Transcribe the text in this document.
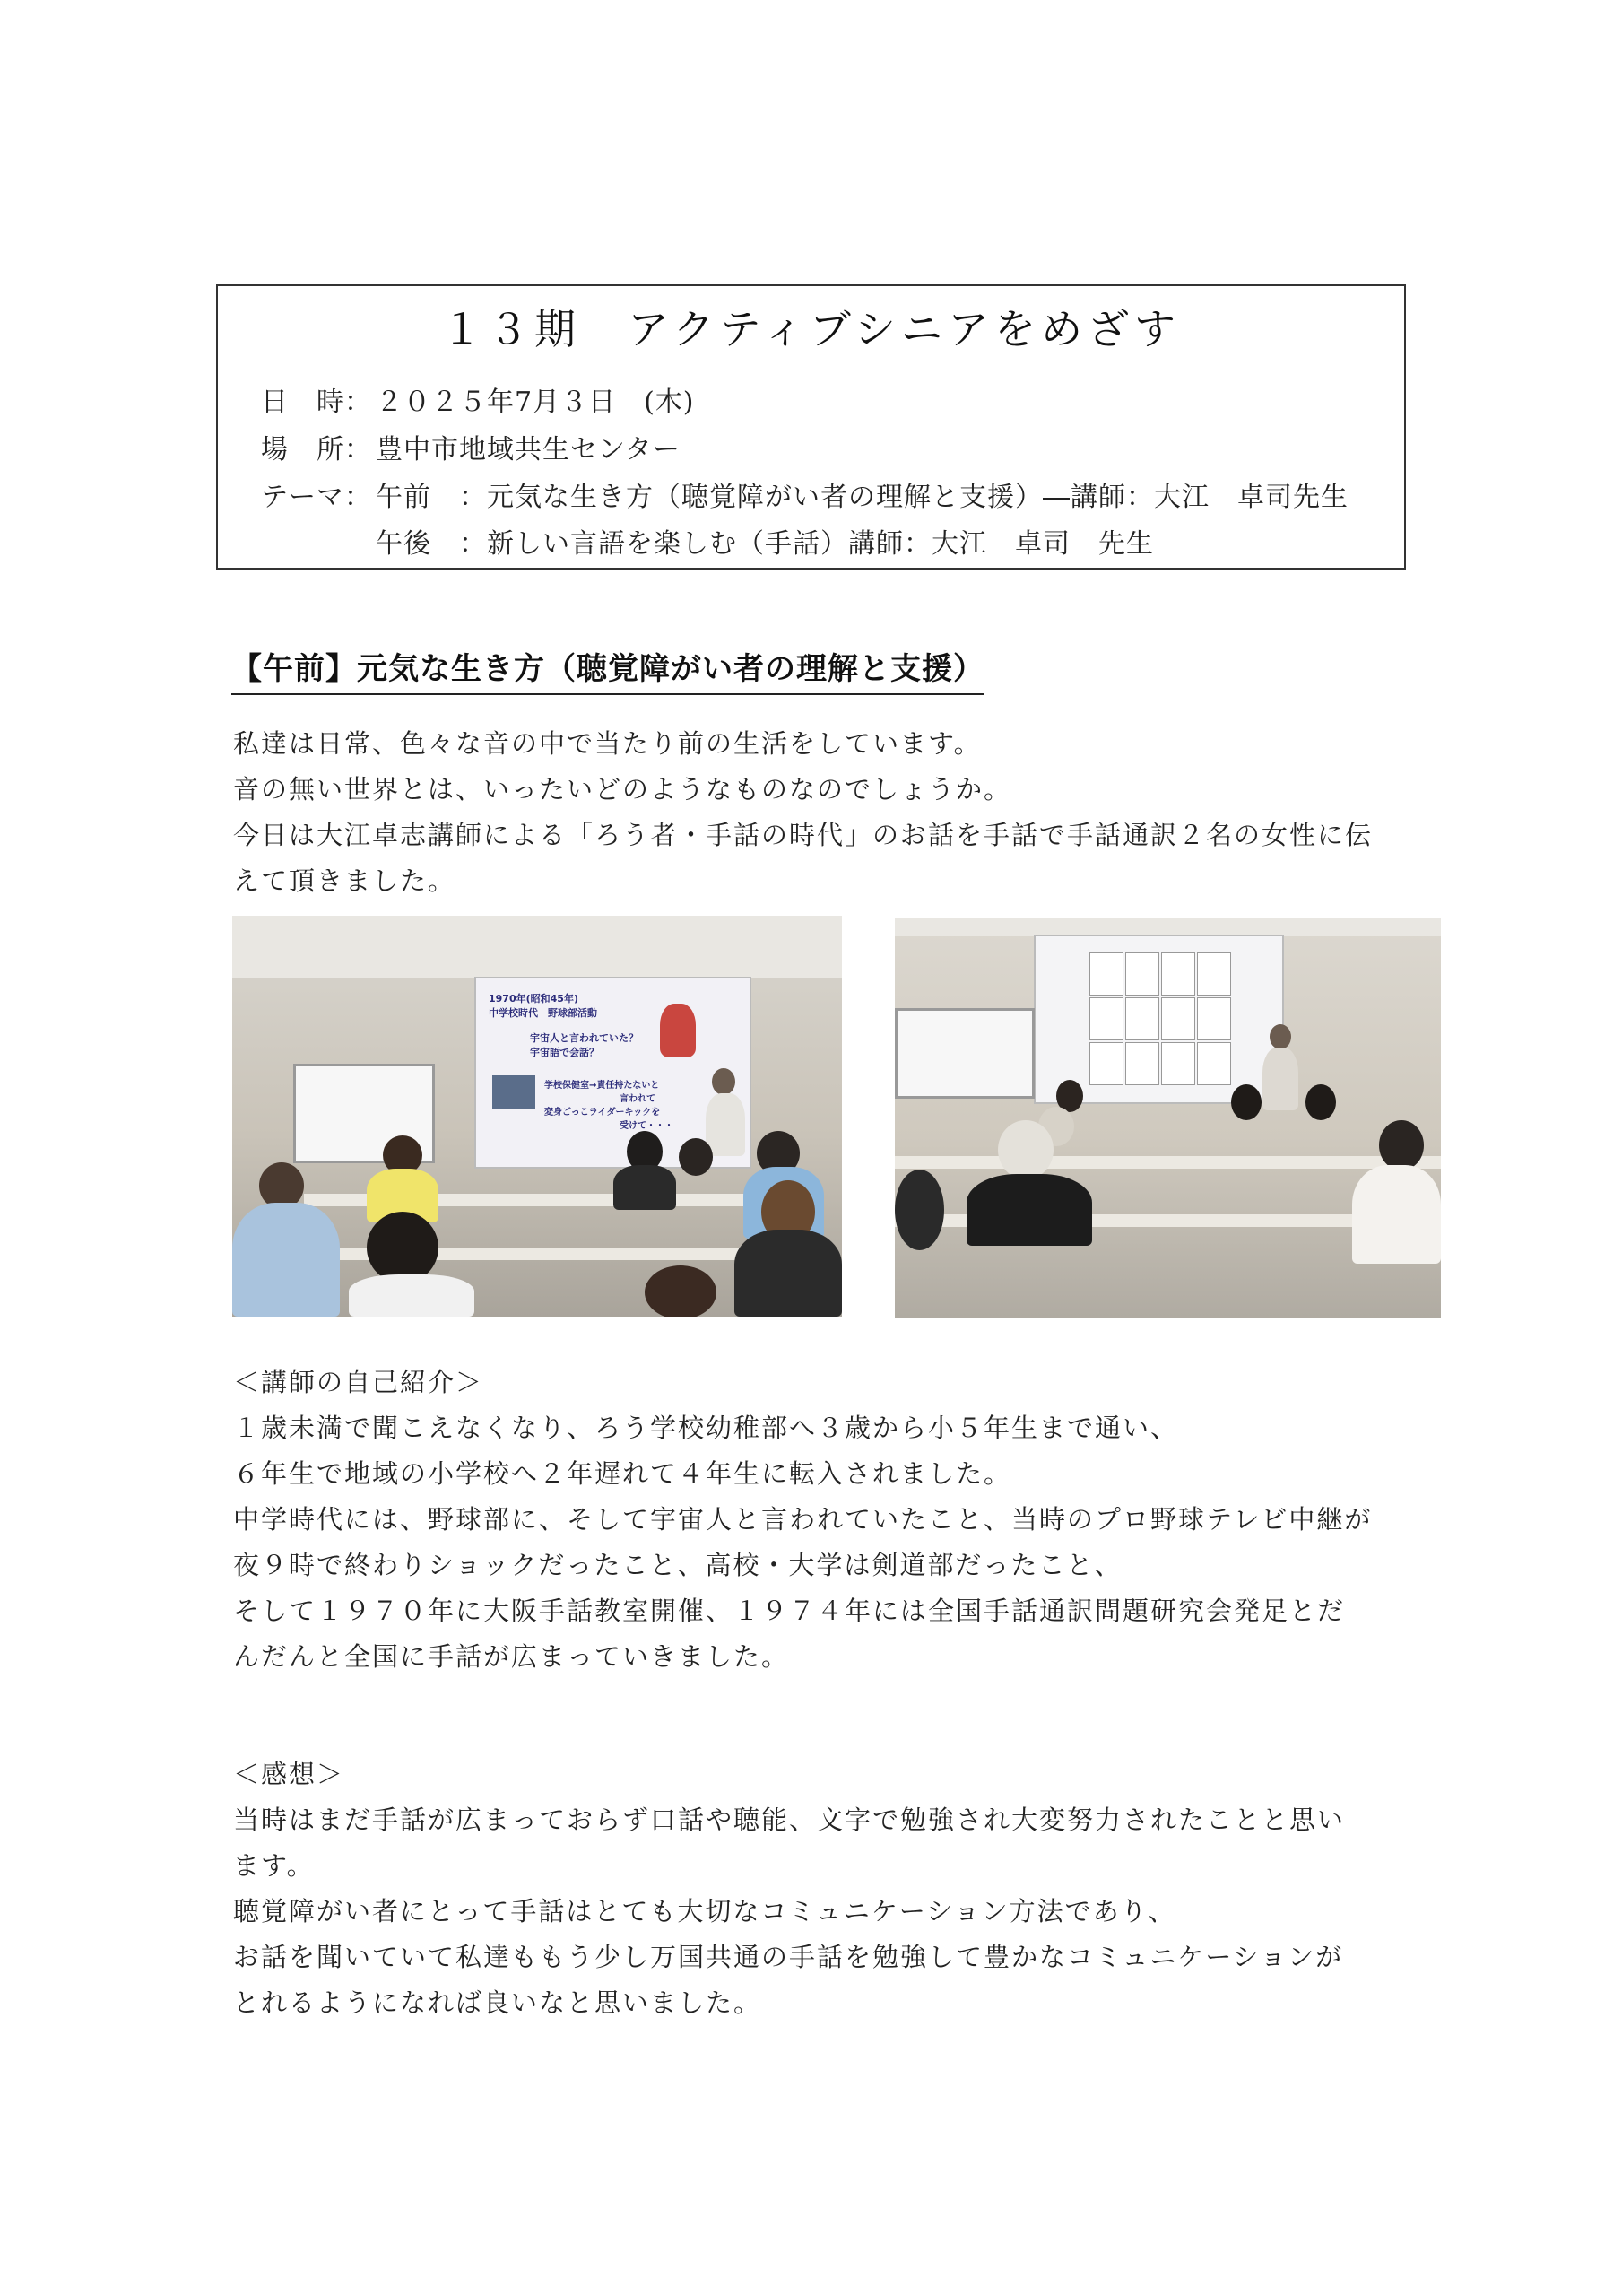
１３期　アクティブシニアをめざす
日　時： ２０２５年7月３日　(木)
場　所： 豊中市地域共生センター
テーマ： 午前　：元気な生き方（聴覚障がい者の理解と支援）―講師：大江　卓司先生
午後　：新しい言語を楽しむ（手話）講師：大江　卓司　先生
【午前】元気な生き方（聴覚障がい者の理解と支援）
私達は日常、色々な音の中で当たり前の生活をしています。
音の無い世界とは、いったいどのようなものなのでしょうか。
今日は大江卓志講師による「ろう者・手話の時代」のお話を手話で手話通訳２名の女性に伝
えて頂きました。
1970年(昭和45年)
中学校時代　野球部活動
宇宙人と言われていた？
宇宙語で会話？
学校保健室→責任持たないと
言われて
変身ごっこライダーキックを
受けて・・・
＜講師の自己紹介＞
１歳未満で聞こえなくなり、ろう学校幼稚部へ３歳から小５年生まで通い、
６年生で地域の小学校へ２年遅れて４年生に転入されました。
中学時代には、野球部に、そして宇宙人と言われていたこと、当時のプロ野球テレビ中継が
夜９時で終わりショックだったこと、高校・大学は剣道部だったこと、
そして１９７０年に大阪手話教室開催、１９７４年には全国手話通訳問題研究会発足とだ
んだんと全国に手話が広まっていきました。
＜感想＞
当時はまだ手話が広まっておらず口話や聴能、文字で勉強され大変努力されたことと思い
ます。
聴覚障がい者にとって手話はとても大切なコミュニケーション方法であり、
お話を聞いていて私達ももう少し万国共通の手話を勉強して豊かなコミュニケーションが
とれるようになれば良いなと思いました。
